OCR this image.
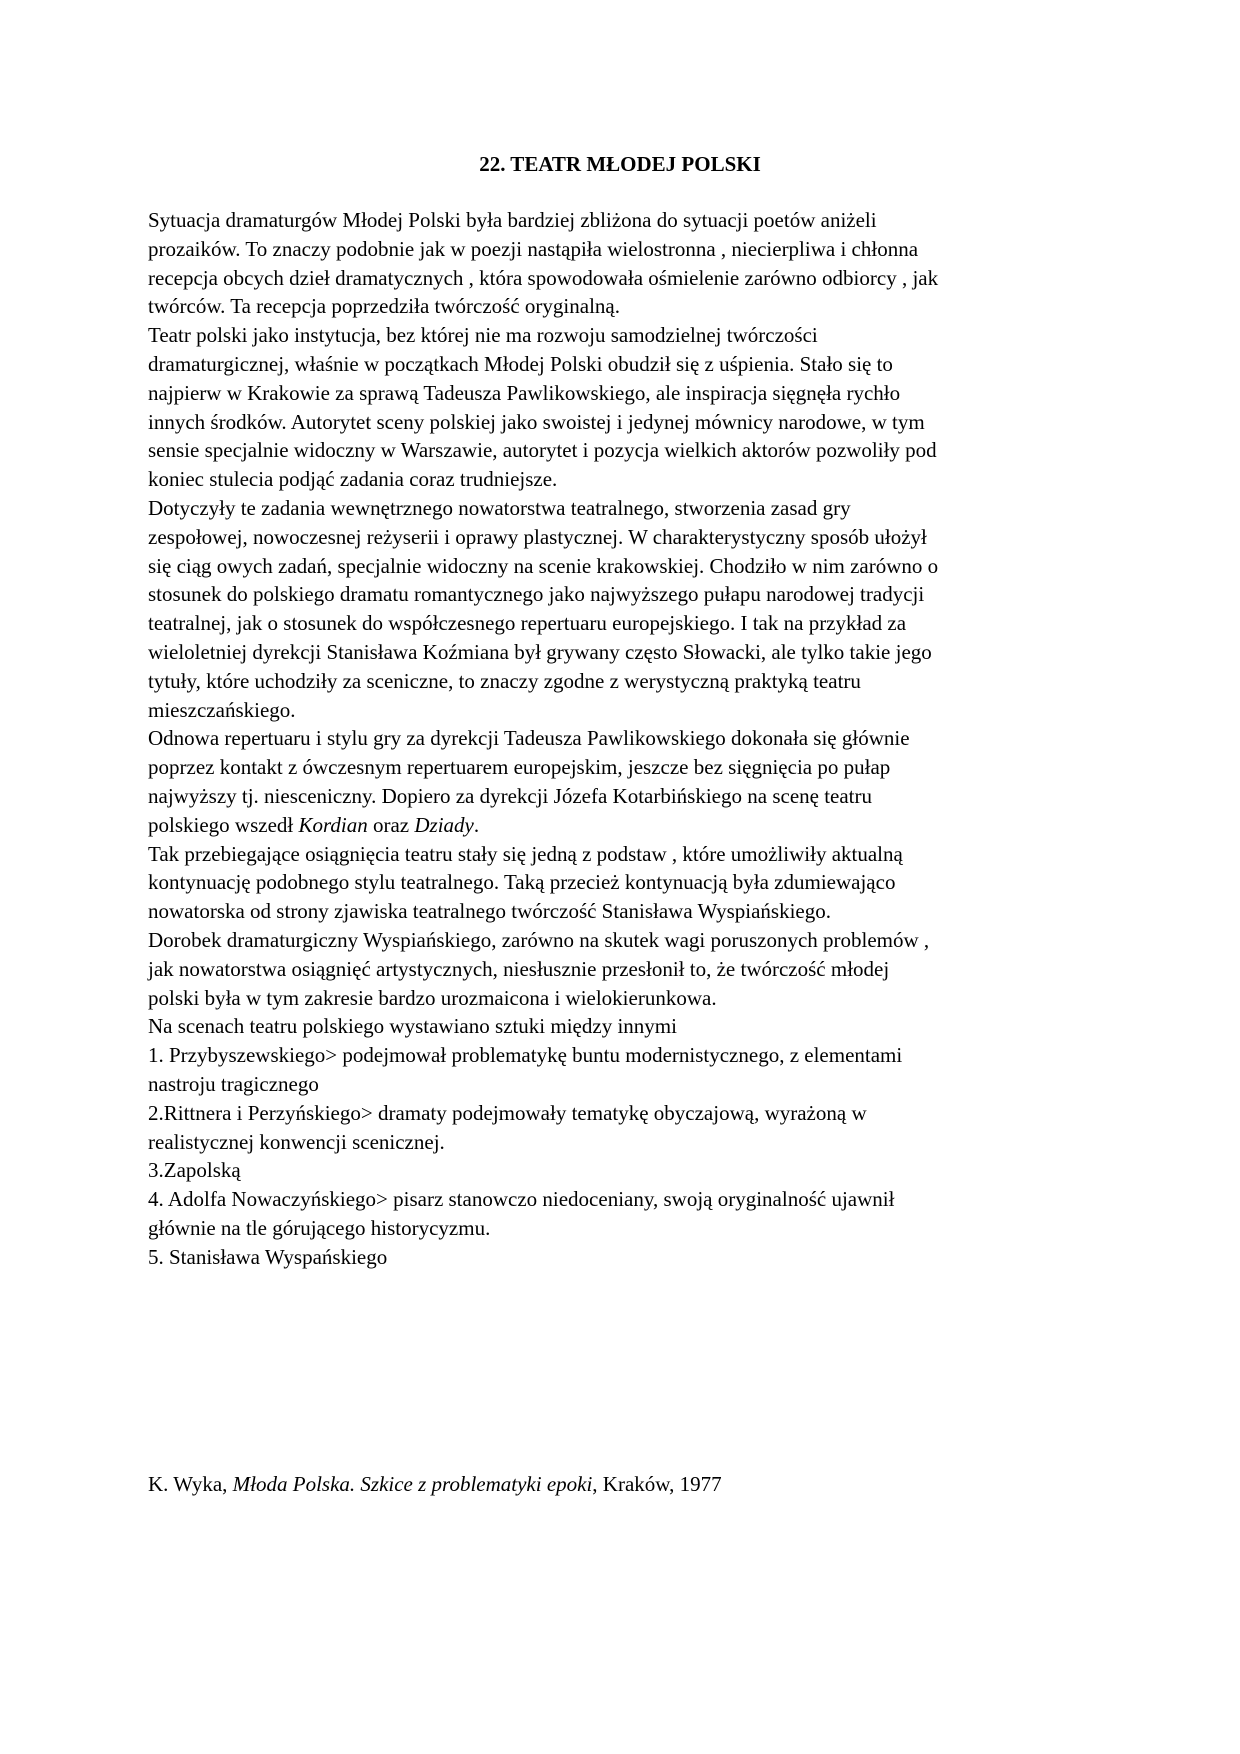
22. TEATR MŁODEJ POLSKI
Sytuacja dramaturgów Młodej Polski była bardziej zbliżona do sytuacji poetów aniżeli
prozaików. To znaczy podobnie jak w poezji nastąpiła wielostronna , niecierpliwa i chłonna
recepcja obcych dzieł dramatycznych , która spowodowała ośmielenie zarówno odbiorcy , jak
twórców. Ta recepcja poprzedziła twórczość oryginalną.
Teatr polski jako instytucja, bez której nie ma rozwoju samodzielnej twórczości
dramaturgicznej, właśnie w początkach Młodej Polski obudził się z uśpienia. Stało się to
najpierw w Krakowie za sprawą Tadeusza Pawlikowskiego, ale inspiracja sięgnęła rychło
innych środków. Autorytet sceny polskiej jako swoistej i jedynej mównicy narodowe, w tym
sensie specjalnie widoczny w Warszawie, autorytet i pozycja wielkich aktorów pozwoliły pod
koniec stulecia podjąć zadania coraz trudniejsze.
Dotyczyły te zadania wewnętrznego nowatorstwa teatralnego, stworzenia zasad gry
zespołowej, nowoczesnej reżyserii i oprawy plastycznej. W charakterystyczny sposób ułożył
się ciąg owych zadań, specjalnie widoczny na scenie krakowskiej. Chodziło w nim zarówno o
stosunek do polskiego dramatu romantycznego jako najwyższego pułapu narodowej tradycji
teatralnej, jak o stosunek do współczesnego repertuaru europejskiego. I tak na przykład za
wieloletniej dyrekcji Stanisława Koźmiana był grywany często Słowacki, ale tylko takie jego
tytuły, które uchodziły za sceniczne, to znaczy zgodne z werystyczną praktyką teatru
mieszczańskiego.
Odnowa repertuaru i stylu gry za dyrekcji Tadeusza Pawlikowskiego dokonała się głównie
poprzez kontakt z ówczesnym repertuarem europejskim, jeszcze bez sięgnięcia po pułap
najwyższy tj. niesceniczny. Dopiero za dyrekcji Józefa Kotarbińskiego na scenę teatru
polskiego wszedł Kordian oraz Dziady.
Tak przebiegające osiągnięcia teatru stały się jedną z podstaw , które umożliwiły aktualną
kontynuację podobnego stylu teatralnego. Taką przecież kontynuacją była zdumiewająco
nowatorska od strony zjawiska teatralnego twórczość Stanisława Wyspiańskiego.
Dorobek dramaturgiczny Wyspiańskiego, zarówno na skutek wagi poruszonych problemów ,
jak nowatorstwa osiągnięć artystycznych, niesłusznie przesłonił to, że twórczość młodej
polski była w tym zakresie bardzo urozmaicona i wielokierunkowa.
Na scenach teatru polskiego wystawiano sztuki między innymi
1. Przybyszewskiego> podejmował problematykę buntu modernistycznego, z elementami
nastroju tragicznego
2.Rittnera i Perzyńskiego> dramaty podejmowały tematykę obyczajową, wyrażoną w
realistycznej konwencji scenicznej.
3.Zapolską
4. Adolfa Nowaczyńskiego> pisarz stanowczo niedoceniany, swoją oryginalność ujawnił
głównie na tle górującego historycyzmu.
5. Stanisława Wyspańskiego
K. Wyka, Młoda Polska. Szkice z problematyki epoki, Kraków, 1977
